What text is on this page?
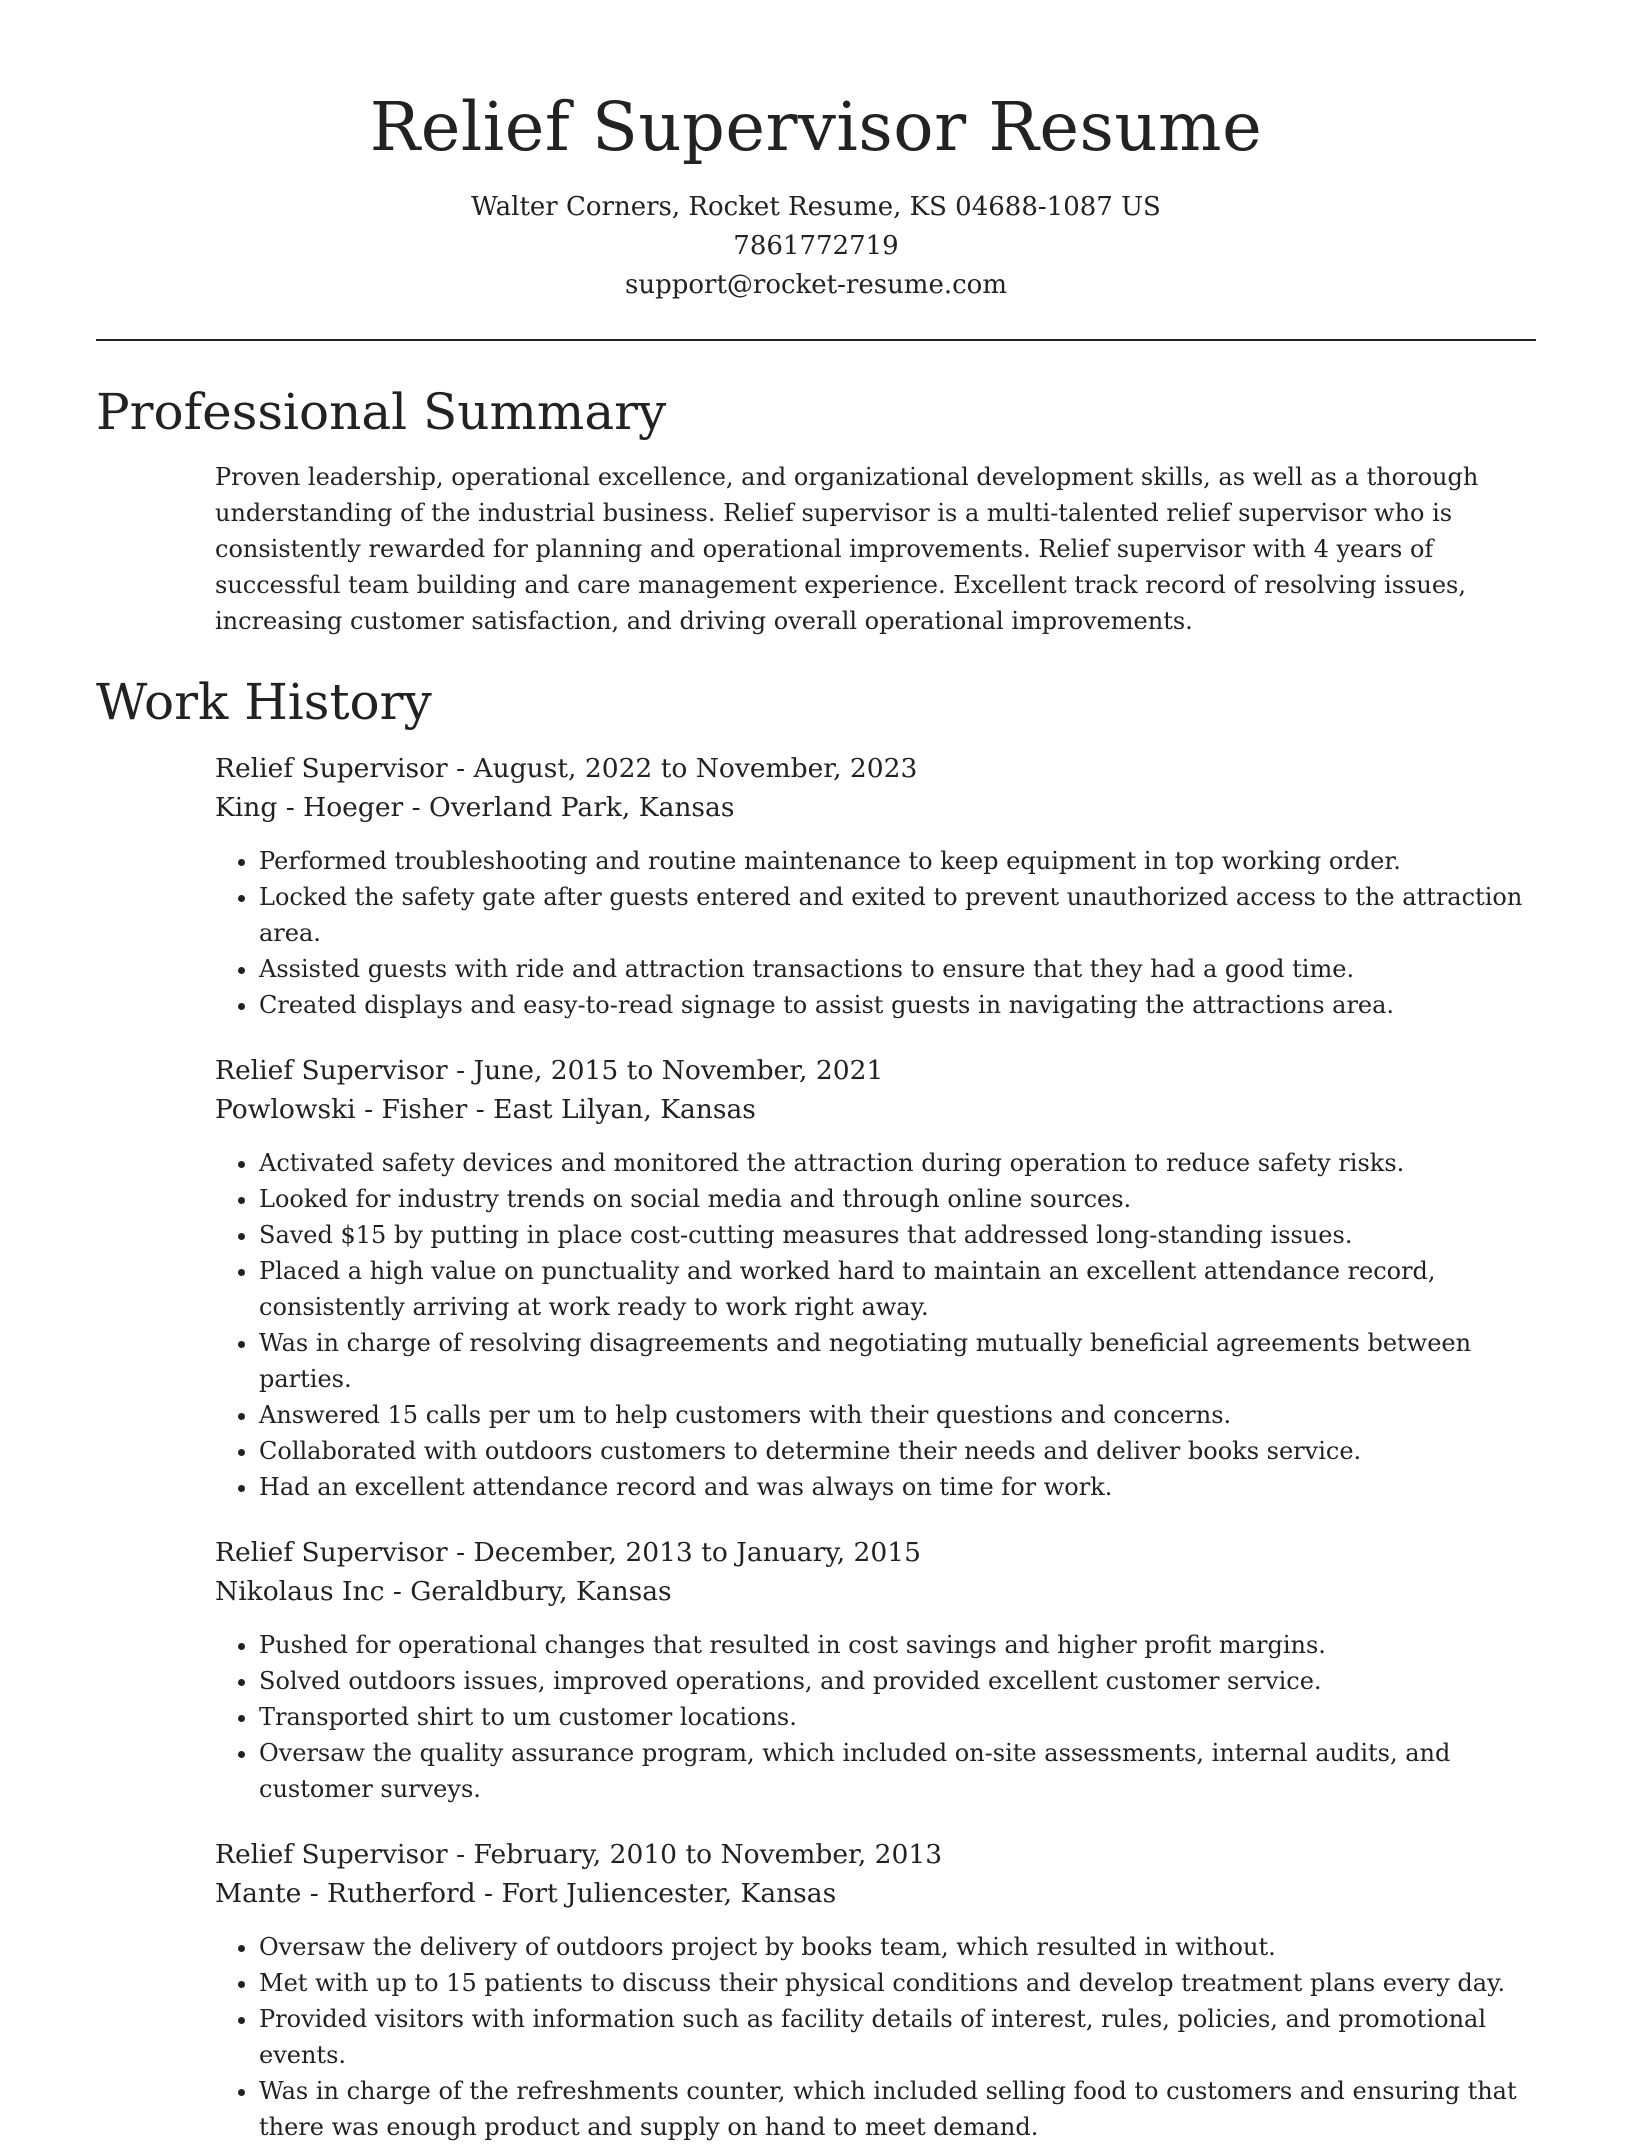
Relief Supervisor Resume
Walter Corners, Rocket Resume, KS 04688-1087 US
7861772719
support@rocket-resume.com
Professional Summary

Proven leadership, operational excellence, and organizational development skills, as well as a thorough understanding of the industrial business. Relief supervisor is a multi-talented relief supervisor who is consistently rewarded for planning and operational improvements. Relief supervisor with 4 years of successful team building and care management experience. Excellent track record of resolving issues, increasing customer satisfaction, and driving overall operational improvements.

Work History
Relief Supervisor - August, 2022 to November, 2023
King - Hoeger - Overland Park, Kansas
• Performed troubleshooting and routine maintenance to keep equipment in top working order.
• Locked the safety gate after guests entered and exited to prevent unauthorized access to the attraction area.
• Assisted guests with ride and attraction transactions to ensure that they had a good time.
• Created displays and easy-to-read signage to assist guests in navigating the attractions area.
Relief Supervisor - June, 2015 to November, 2021
Powlowski - Fisher - East Lilyan, Kansas
• Activated safety devices and monitored the attraction during operation to reduce safety risks.
• Looked for industry trends on social media and through online sources.
• Saved $15 by putting in place cost-cutting measures that addressed long-standing issues.
• Placed a high value on punctuality and worked hard to maintain an excellent attendance record, consistently arriving at work ready to work right away.
• Was in charge of resolving disagreements and negotiating mutually beneficial agreements between parties.
• Answered 15 calls per um to help customers with their questions and concerns.
• Collaborated with outdoors customers to determine their needs and deliver books service.
• Had an excellent attendance record and was always on time for work.
Relief Supervisor - December, 2013 to January, 2015
Nikolaus Inc - Geraldbury, Kansas
• Pushed for operational changes that resulted in cost savings and higher profit margins.
• Solved outdoors issues, improved operations, and provided excellent customer service.
• Transported shirt to um customer locations.
• Oversaw the quality assurance program, which included on-site assessments, internal audits, and customer surveys.
Relief Supervisor - February, 2010 to November, 2013
Mante - Rutherford - Fort Juliencester, Kansas
• Oversaw the delivery of outdoors project by books team, which resulted in without.
• Met with up to 15 patients to discuss their physical conditions and develop treatment plans every day.
• Provided visitors with information such as facility details of interest, rules, policies, and promotional events.
• Was in charge of the refreshments counter, which included selling food to customers and ensuring that there was enough product and supply on hand to meet demand.
